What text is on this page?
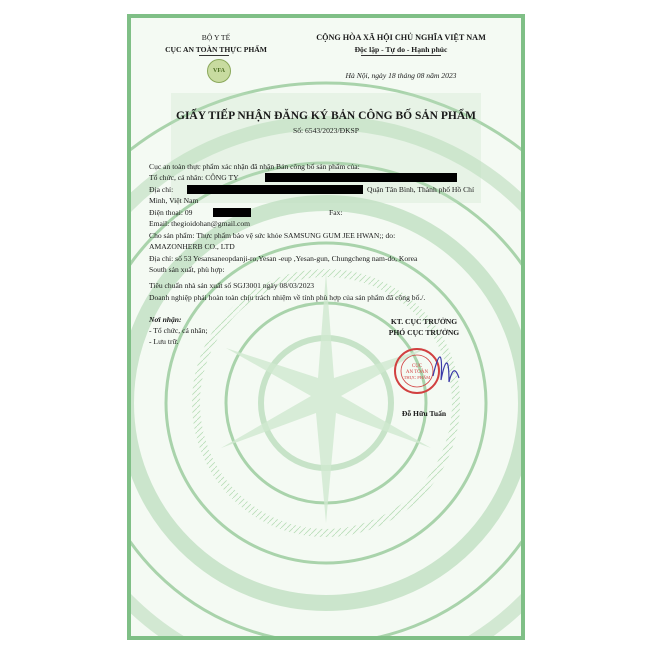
BỘ Y TẾ
CỤC AN TOÀN THỰC PHẨM
VFA
CỘNG HÒA XÃ HỘI CHỦ NGHĨA VIỆT NAM
Độc lập - Tự do - Hạnh phúc
Hà Nội, ngày 18 tháng 08 năm 2023
GIẤY TIẾP NHẬN ĐĂNG KÝ BẢN CÔNG BỐ SẢN PHẨM
Số: 6543/2023/ĐKSP
Cục an toàn thực phẩm xác nhận đã nhận Bản công bố sản phẩm của:
Tổ chức, cá nhân: CÔNG TY
Địa chỉ:	Quận Tân Bình, Thành phố Hồ Chí
Minh, Việt Nam
Điện thoại: 09	Fax:
Email: thegioidohan@gmail.com
Cho sản phẩm: Thực phẩm bảo vệ sức khỏe SAMSUNG GUM JEE HWAN;; do:
AMAZONHERB CO., LTD
Địa chỉ: số 53 Yesansaneopdanji-ro,Yesan -eup ,Yesan-gun, Chungcheng nam-do, Korea
South sản xuất, phù hợp:
Tiêu chuẩn nhà sản xuất số SGJ3001 ngày 08/03/2023
Doanh nghiệp phải hoàn toàn chịu trách nhiệm về tính phù hợp của sản phẩm đã công bố./.
Nơi nhận:
- Tổ chức, cá nhân;
- Lưu trữ.
KT. CỤC TRƯỞNG
PHÓ CỤC TRƯỞNG
CỤC
AN TOÀN
THỰC PHẨM
Đỗ Hữu Tuấn
